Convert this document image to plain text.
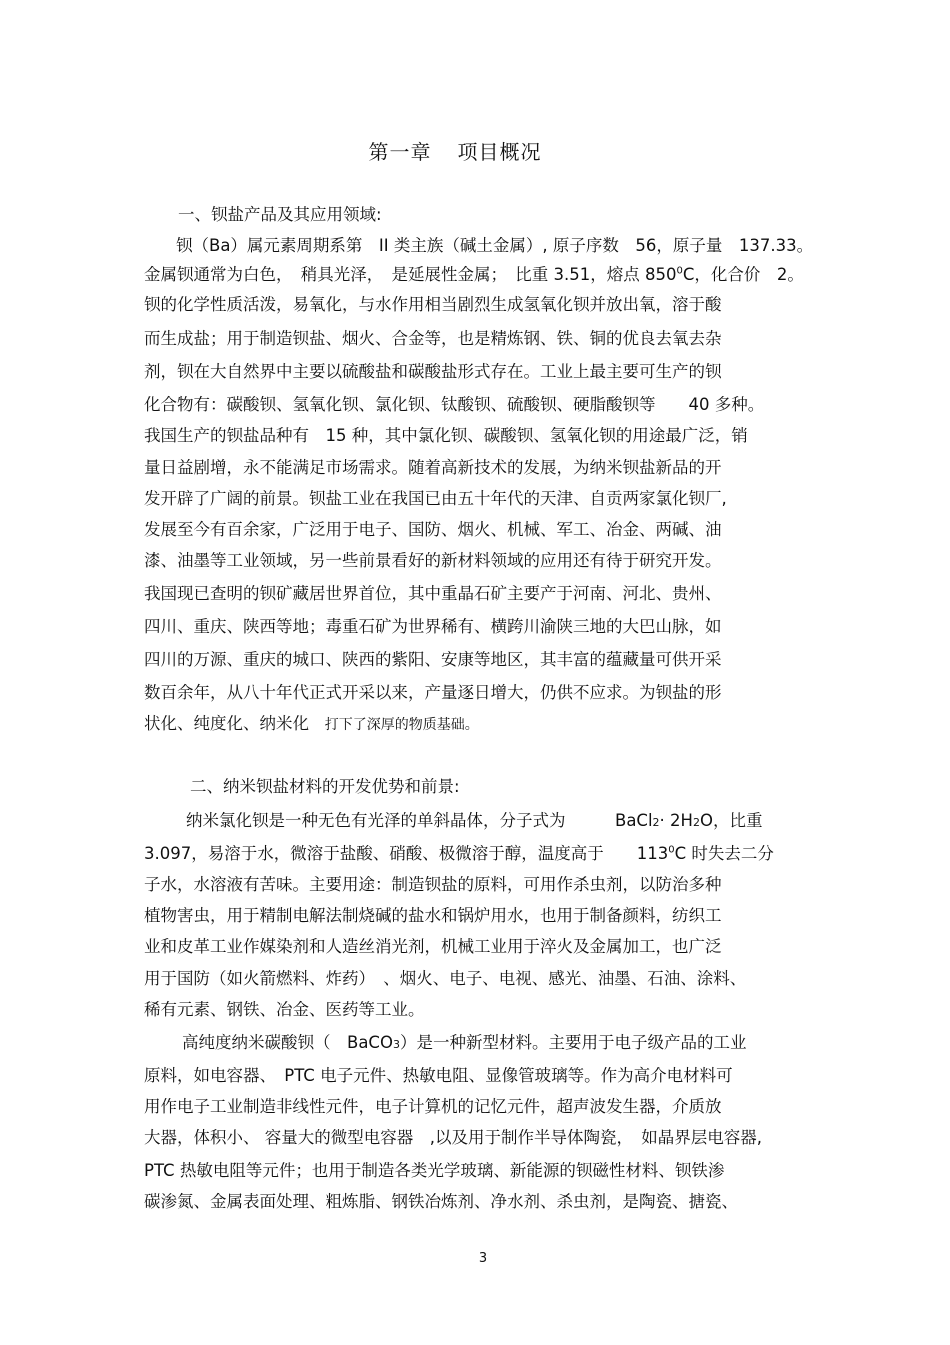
第一章 项目概况
一、钡盐产品及其应用领域:
钡（Ba）属元素周期系第　II 类主族（碱土金属）, 原子序数　56，原子量　137.33。
金属钡通常为白色，　稍具光泽，　是延展性金属；　比重 3.51，熔点 $850^0C$，化合价　2。
钡的化学性质活泼，易氧化，与水作用相当剧烈生成氢氧化钡并放出氧，溶于酸
而生成盐；用于制造钡盐、烟火、合金等，也是精炼钢、铁、铜的优良去氧去杂
剂，钡在大自然界中主要以硫酸盐和碳酸盐形式存在。工业上最主要可生产的钡
化合物有：碳酸钡、氢氧化钡、氯化钡、钛酸钡、硫酸钡、硬脂酸钡等　　40 多种。
我国生产的钡盐品种有　15 种，其中氯化钡、碳酸钡、氢氧化钡的用途最广泛，销
量日益剧增，永不能满足市场需求。随着高新技术的发展，为纳米钡盐新品的开
发开辟了广阔的前景。钡盐工业在我国已由五十年代的天津、自贡两家氯化钡厂,
发展至今有百余家，广泛用于电子、国防、烟火、机械、军工、冶金、两碱、油
漆、油墨等工业领域，另一些前景看好的新材料领域的应用还有待于研究开发。
我国现已查明的钡矿藏居世界首位，其中重晶石矿主要产于河南、河北、贵州、
四川、重庆、陕西等地；毒重石矿为世界稀有、横跨川渝陕三地的大巴山脉，如
四川的万源、重庆的城口、陕西的紫阳、安康等地区，其丰富的蕴藏量可供开采
数百余年，从八十年代正式开采以来，产量逐日增大，仍供不应求。为钡盐的形
状化、纯度化、纳米化 打下了深厚的物质基础。
二、纳米钡盐材料的开发优势和前景:
纳米氯化钡是一种无色有光泽的单斜晶体，分子式为　　　BaCl2· 2H2O，比重
3.097，易溶于水，微溶于盐酸、硝酸、极微溶于醇，温度高于　　$113^0C$ 时失去二分
子水，水溶液有苦味。主要用途：制造钡盐的原料，可用作杀虫剂，以防治多种
植物害虫，用于精制电解法制烧碱的盐水和锅炉用水，也用于制备颜料，纺织工
业和皮革工业作媒染剂和人造丝消光剂，机械工业用于淬火及金属加工，也广泛
用于国防（如火箭燃料、炸药）　、烟火、电子、电视、感光、油墨、石油、涂料、
稀有元素、钢铁、冶金、医药等工业。
高纯度纳米碳酸钡（　BaCO3）是一种新型材料。主要用于电子级产品的工业
原料，如电容器、　PTC 电子元件、热敏电阻、显像管玻璃等。作为高介电材料可
用作电子工业制造非线性元件，电子计算机的记忆元件，超声波发生器，介质放
大器，体积小、 容量大的微型电容器　,以及用于制作半导体陶瓷，　如晶界层电容器,
PTC 热敏电阻等元件；也用于制造各类光学玻璃、新能源的钡磁性材料、钡铁渗
碳渗氮、金属表面处理、粗炼脂、钢铁冶炼剂、净水剂、杀虫剂，是陶瓷、搪瓷、
3
